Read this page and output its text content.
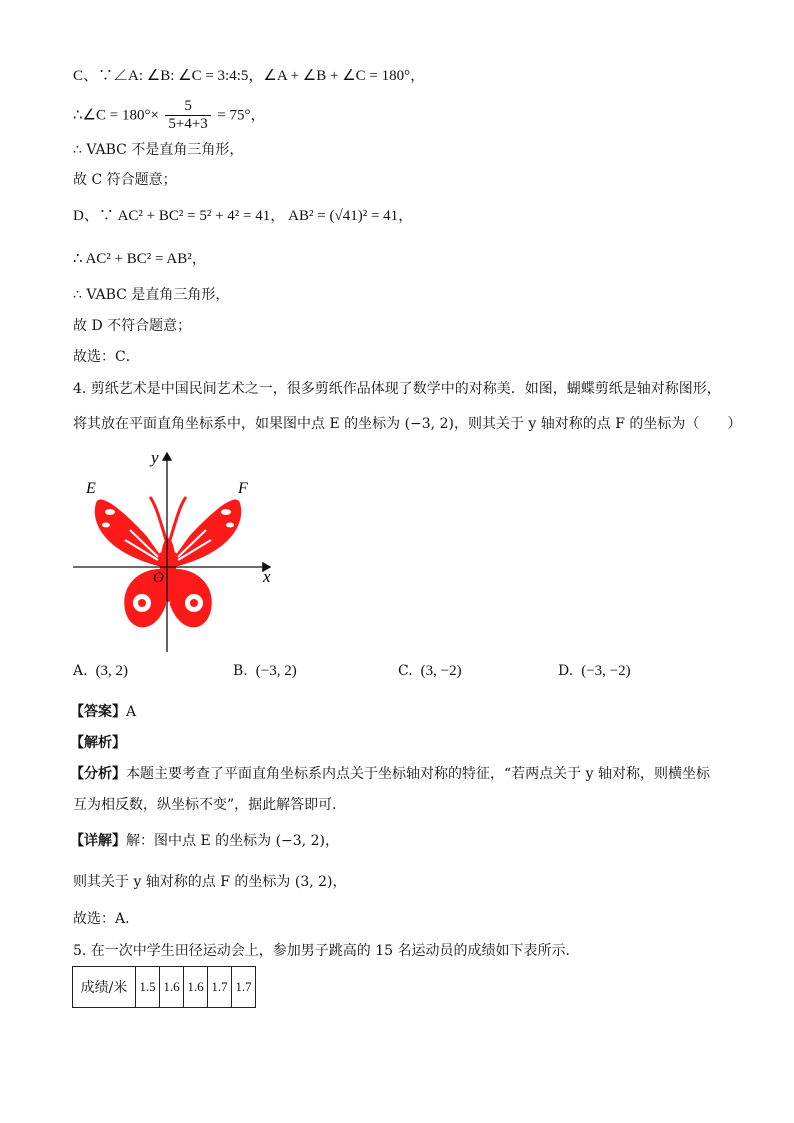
C、∵∠A: ∠B: ∠C = 3:4:5，∠A + ∠B + ∠C = 180°，
∴∠C = $180^\circ\times \frac{5}{5+4+3} = 75^\circ$，
∴ VABC 不是直角三角形，
故 C 符合题意；
D、∵ AC² + BC² = 5² + 4² = 41， AB² = (√41)² = 41，
∴ AC² + BC² = AB²，
∴ VABC 是直角三角形，
故 D 不符合题意；
故选：C．
4. 剪纸艺术是中国民间艺术之一，很多剪纸作品体现了数学中的对称美．如图，蝴蝶剪纸是轴对称图形，
将其放在平面直角坐标系中，如果图中点 E 的坐标为 (−3, 2)，则其关于 y 轴对称的点 F 的坐标为（　　）
y
x
O
E	F
A. (3, 2)	B. (−3, 2)	C. (3, −2)	D. (−3, −2)
【答案】A
【解析】
【分析】本题主要考查了平面直角坐标系内点关于坐标轴对称的特征，“若两点关于 y 轴对称，则横坐标
互为相反数，纵坐标不变”，据此解答即可．
【详解】解：图中点 E 的坐标为 (−3, 2)，
则其关于 y 轴对称的点 F 的坐标为 (3, 2)，
故选：A．
5. 在一次中学生田径运动会上，参加男子跳高的 15 名运动员的成绩如下表所示．
成绩/米	1.5	1.6	1.6	1.7	1.7
